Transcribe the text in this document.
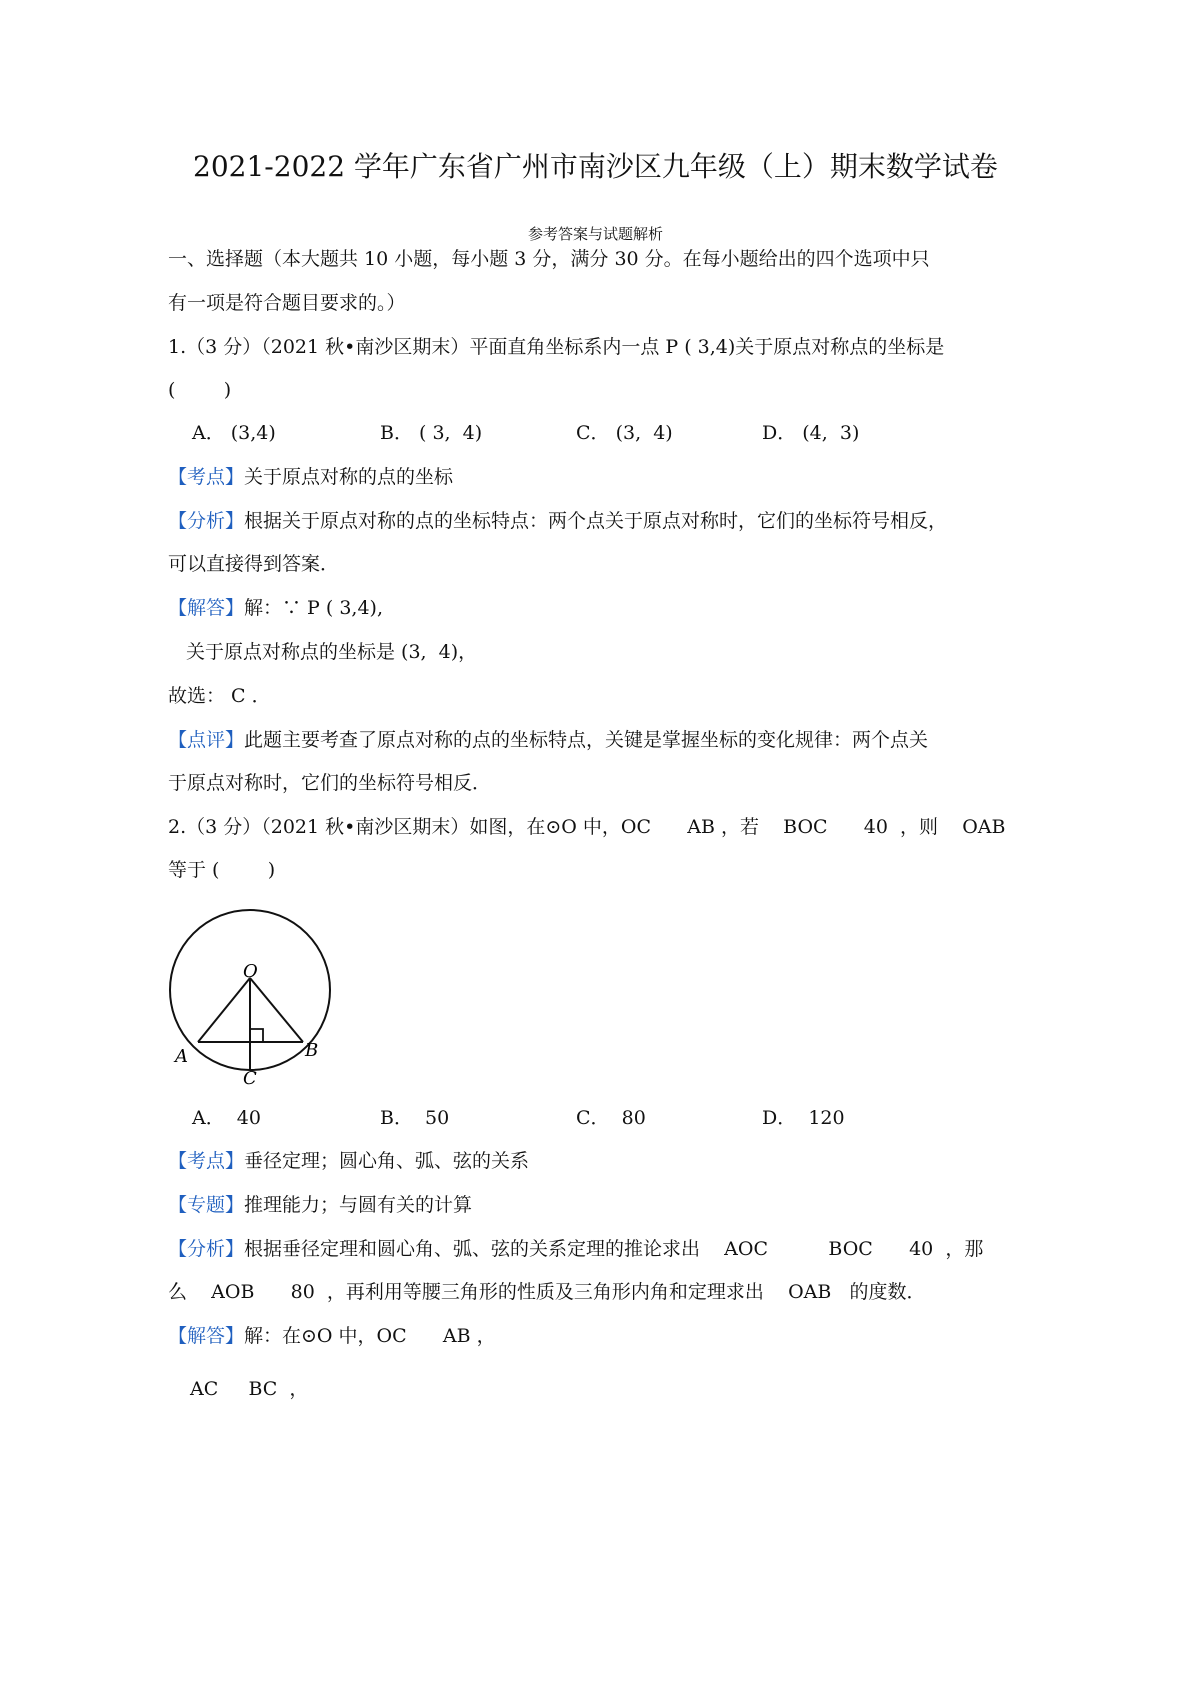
2021-2022 学年广东省广州市南沙区九年级（上）期末数学试卷
参考答案与试题解析
一、选择题（本大题共 10 小题，每小题 3 分，满分 30 分。在每小题给出的四个选项中只
有一项是符合题目要求的。）
1.（3 分）（2021 秋•南沙区期末）平面直角坐标系内一点 P ( 3,4)关于原点对称点的坐标是
(        )
A． (3,4)	B． ( 3,  4)	C． (3,  4)	D． (4,  3)
【考点】关于原点对称的点的坐标
【分析】根据关于原点对称的点的坐标特点：两个点关于原点对称时，它们的坐标符号相反，
可以直接得到答案．
【解答】解：∵ P ( 3,4),
关于原点对称点的坐标是 (3,  4)，
故选： C ．
【点评】此题主要考查了原点对称的点的坐标特点，关键是掌握坐标的变化规律：两个点关
于原点对称时，它们的坐标符号相反．
2.（3 分）（2021 秋•南沙区期末）如图，在⊙O 中，OC      AB ，若    BOC      40  ，则    OAB
等于 (        )
O
A	B
C
A．  40	B．  50	C．  80	D．  120
【考点】垂径定理；圆心角、弧、弦的关系
【专题】推理能力；与圆有关的计算
【分析】根据垂径定理和圆心角、弧、弦的关系定理的推论求出    AOC          BOC      40  ，那
么    AOB      80  ，再利用等腰三角形的性质及三角形内角和定理求出    OAB   的度数．
【解答】解：在⊙O 中，OC      AB ，
AC     BC  ，
